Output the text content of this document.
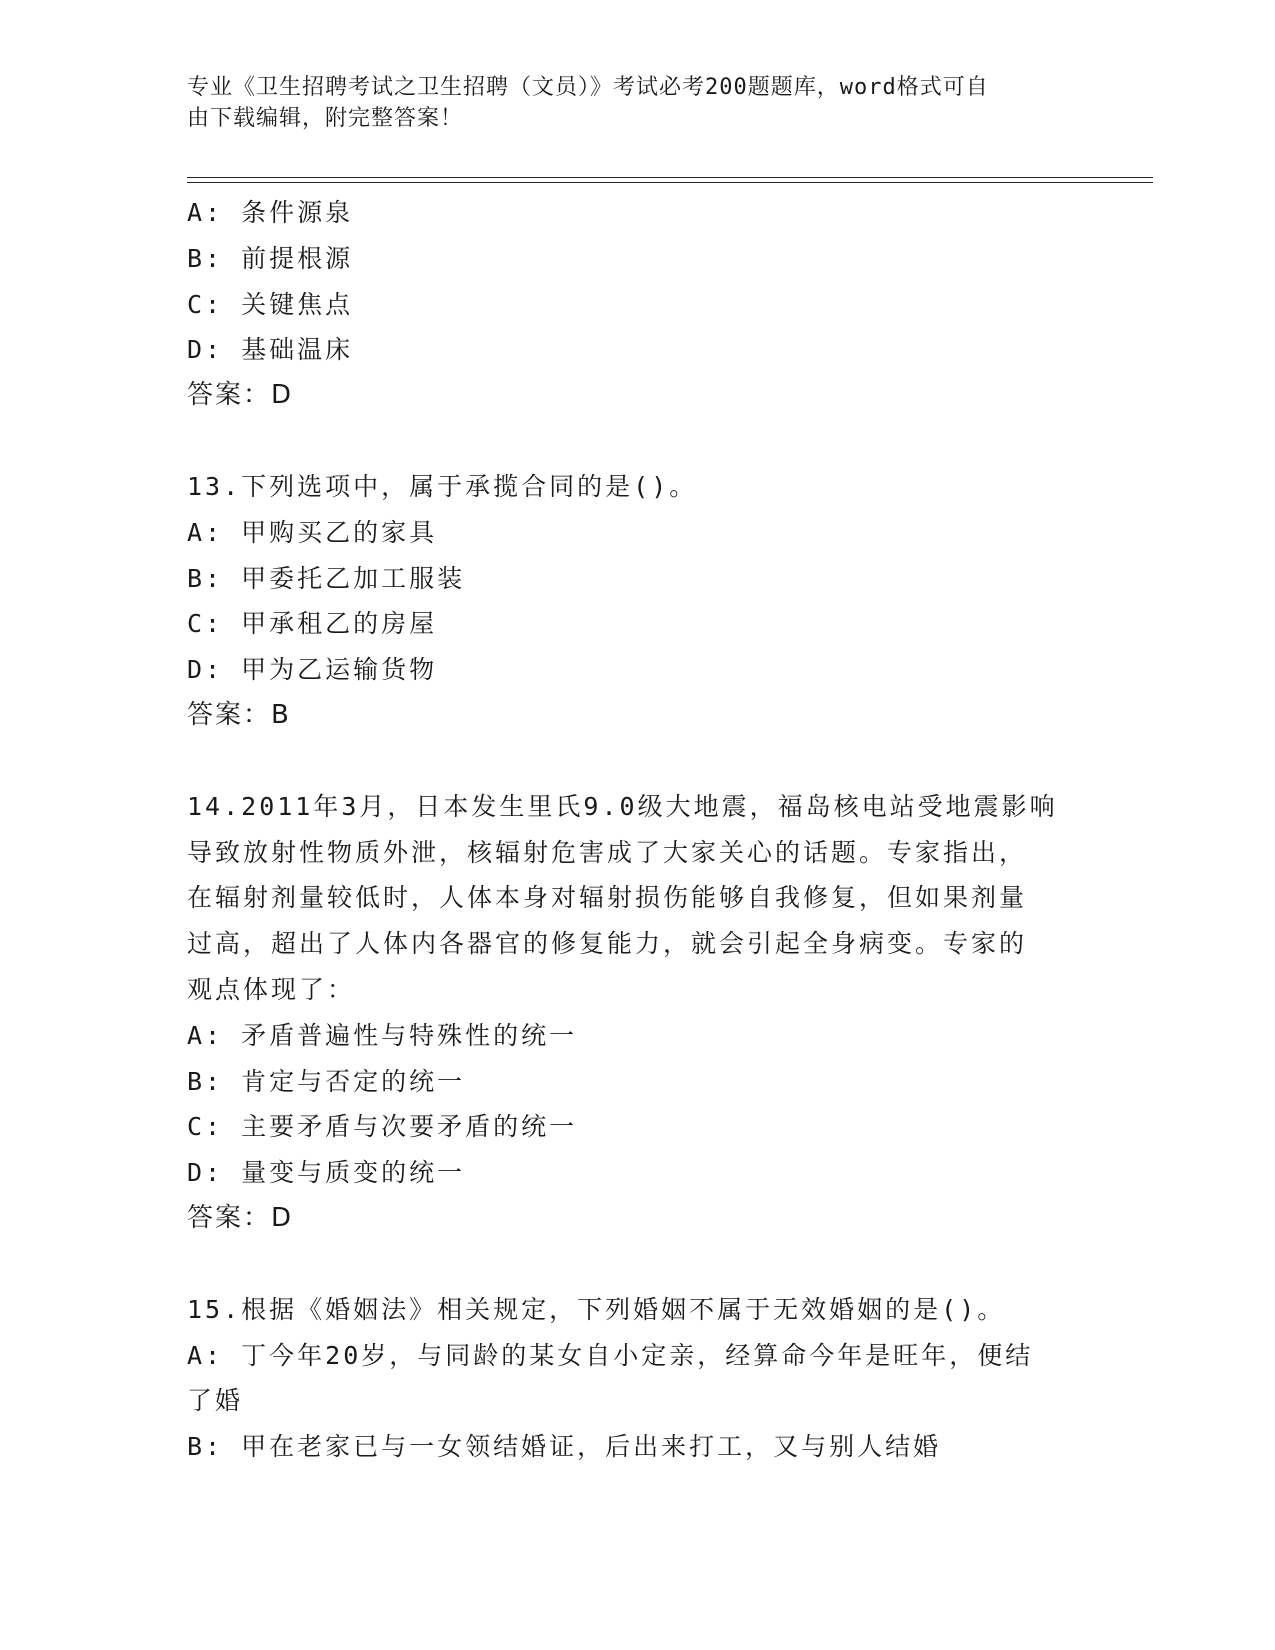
专业《卫生招聘考试之卫生招聘（文员）》考试必考200题题库，word格式可自
由下载编辑，附完整答案！
A: 条件源泉
B: 前提根源
C: 关键焦点
D: 基础温床
答案：D
13.下列选项中，属于承揽合同的是()。
A: 甲购买乙的家具
B: 甲委托乙加工服装
C: 甲承租乙的房屋
D: 甲为乙运输货物
答案：B
14.2011年3月，日本发生里氏9.0级大地震，福岛核电站受地震影响
导致放射性物质外泄，核辐射危害成了大家关心的话题。专家指出，
在辐射剂量较低时，人体本身对辐射损伤能够自我修复，但如果剂量
过高，超出了人体内各器官的修复能力，就会引起全身病变。专家的
观点体现了：
A: 矛盾普遍性与特殊性的统一
B: 肯定与否定的统一
C: 主要矛盾与次要矛盾的统一
D: 量变与质变的统一
答案：D
15.根据《婚姻法》相关规定，下列婚姻不属于无效婚姻的是()。
A: 丁今年20岁，与同龄的某女自小定亲，经算命今年是旺年，便结
了婚
B: 甲在老家已与一女领结婚证，后出来打工，又与别人结婚
